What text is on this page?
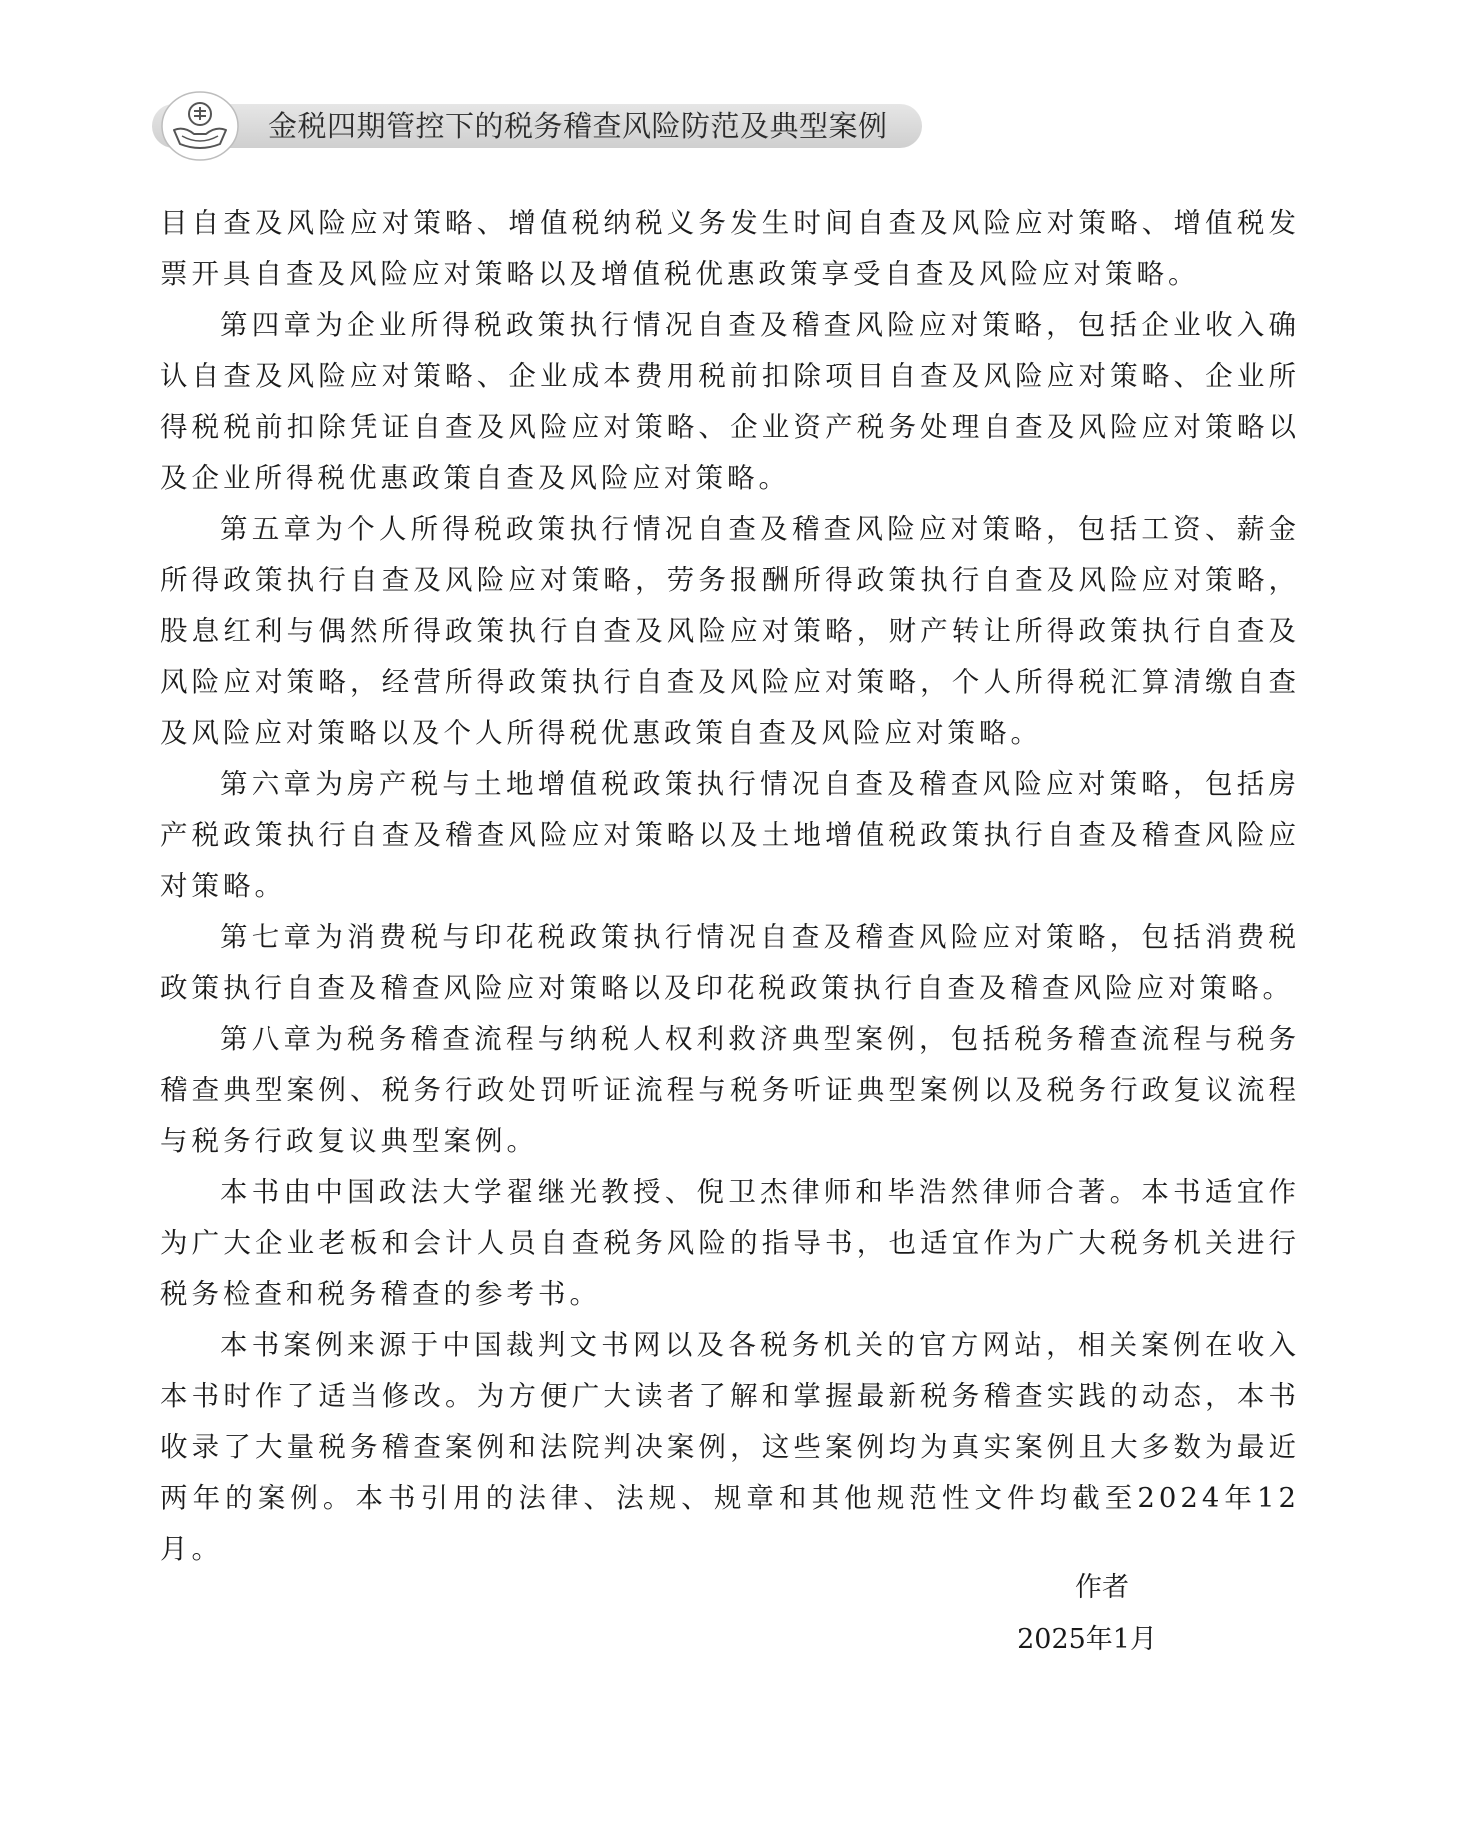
金税四期管控下的税务稽查风险防范及典型案例

目自查及风险应对策略、增值税纳税义务发生时间自查及风险应对策略、增值税发票开具自查及风险应对策略以及增值税优惠政策享受自查及风险应对策略。

第四章为企业所得税政策执行情况自查及稽查风险应对策略，包括企业收入确认自查及风险应对策略、企业成本费用税前扣除项目自查及风险应对策略、企业所得税税前扣除凭证自查及风险应对策略、企业资产税务处理自查及风险应对策略以及企业所得税优惠政策自查及风险应对策略。

第五章为个人所得税政策执行情况自查及稽查风险应对策略，包括工资、薪金所得政策执行自查及风险应对策略，劳务报酬所得政策执行自查及风险应对策略，股息红利与偶然所得政策执行自查及风险应对策略，财产转让所得政策执行自查及风险应对策略，经营所得政策执行自查及风险应对策略，个人所得税汇算清缴自查及风险应对策略以及个人所得税优惠政策自查及风险应对策略。

第六章为房产税与土地增值税政策执行情况自查及稽查风险应对策略，包括房产税政策执行自查及稽查风险应对策略以及土地增值税政策执行自查及稽查风险应对策略。

第七章为消费税与印花税政策执行情况自查及稽查风险应对策略，包括消费税政策执行自查及稽查风险应对策略以及印花税政策执行自查及稽查风险应对策略。

第八章为税务稽查流程与纳税人权利救济典型案例，包括税务稽查流程与税务稽查典型案例、税务行政处罚听证流程与税务听证典型案例以及税务行政复议流程与税务行政复议典型案例。

本书由中国政法大学翟继光教授、倪卫杰律师和毕浩然律师合著。本书适宜作为广大企业老板和会计人员自查税务风险的指导书，也适宜作为广大税务机关进行税务检查和税务稽查的参考书。

本书案例来源于中国裁判文书网以及各税务机关的官方网站，相关案例在收入本书时作了适当修改。为方便广大读者了解和掌握最新税务稽查实践的动态，本书收录了大量税务稽查案例和法院判决案例，这些案例均为真实案例且大多数为最近两年的案例。本书引用的法律、法规、规章和其他规范性文件均截至2024年12月。

作者
2025年1月
